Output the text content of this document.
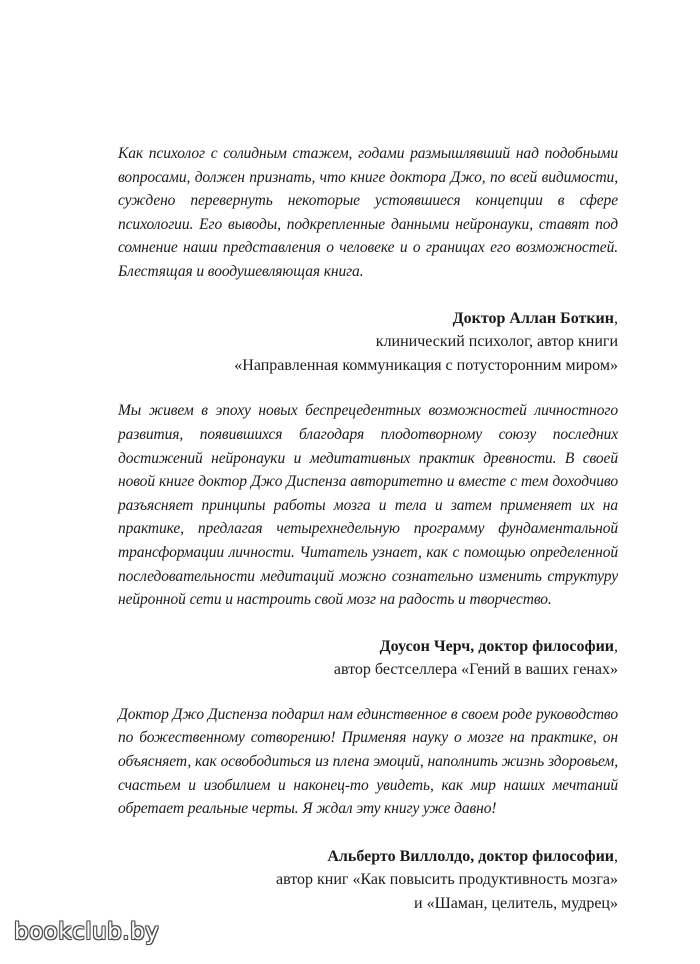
Как психолог с солидным стажем, годами размышлявший над подобными вопросами, должен признать, что книге доктора Джо, по всей видимости, суждено перевернуть некоторые устоявшиеся концепции в сфере психологии. Его выводы, подкрепленные данными нейронауки, ставят под сомнение наши представления о человеке и о границах его возможностей. Блестящая и воодушевляющая книга.

Доктор Аллан Боткин,
клинический психолог, автор книги
«Направленная коммуникация с потусторонним миром»

Мы живем в эпоху новых беспрецедентных возможностей личностного развития, появившихся благодаря плодотворному союзу последних достижений нейронауки и медитативных практик древности. В своей новой книге доктор Джо Диспенза авторитетно и вместе с тем доходчиво разъясняет принципы работы мозга и тела и затем применяет их на практике, предлагая четырехнедельную программу фундаментальной трансформации личности. Читатель узнает, как с помощью определенной последовательности медитаций можно сознательно изменить структуру нейронной сети и настроить свой мозг на радость и творчество.

Доусон Черч, доктор философии,
автор бестселлера «Гений в ваших генах»

Доктор Джо Диспенза подарил нам единственное в своем роде руководство по божественному сотворению! Применяя науку о мозге на практике, он объясняет, как освободиться из плена эмоций, наполнить жизнь здоровьем, счастьем и изобилием и наконец-то увидеть, как мир наших мечтаний обретает реальные черты. Я ждал эту книгу уже давно!

Альберто Виллолдо, доктор философии,
автор книг «Как повысить продуктивность мозга»
и «Шаман, целитель, мудрец»
bookclub.by
